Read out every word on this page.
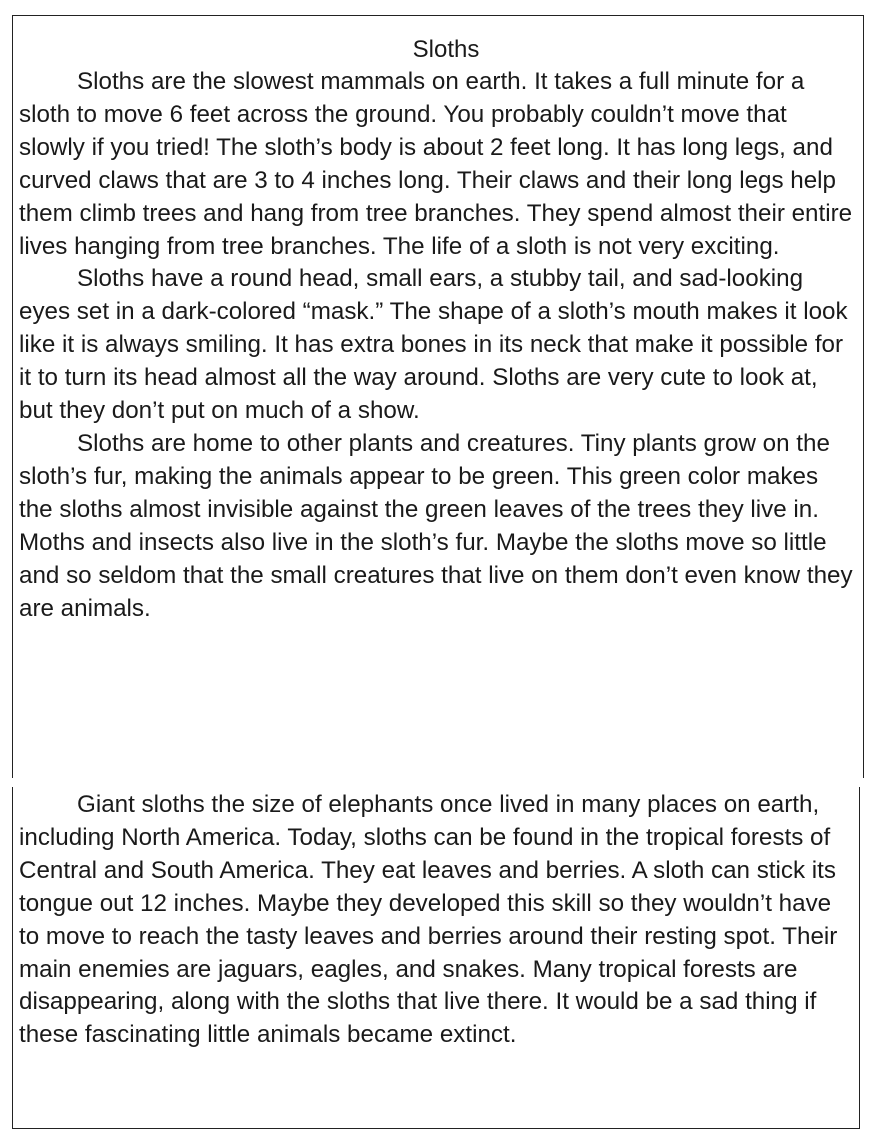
Sloths

Sloths are the slowest mammals on earth. It takes a full minute for a sloth to move 6 feet across the ground. You probably couldn’t move that slowly if you tried! The sloth’s body is about 2 feet long. It has long legs, and curved claws that are 3 to 4 inches long. Their claws and their long legs help them climb trees and hang from tree branches. They spend almost their entire lives hanging from tree branches. The life of a sloth is not very exciting.

Sloths have a round head, small ears, a stubby tail, and sad-looking eyes set in a dark-colored “mask.” The shape of a sloth’s mouth makes it look like it is always smiling. It has extra bones in its neck that make it possible for it to turn its head almost all the way around. Sloths are very cute to look at, but they don’t put on much of a show.

Sloths are home to other plants and creatures. Tiny plants grow on the sloth’s fur, making the animals appear to be green. This green color makes the sloths almost invisible against the green leaves of the trees they live in. Moths and insects also live in the sloth’s fur. Maybe the sloths move so little and so seldom that the small creatures that live on them don’t even know they are animals.

Giant sloths the size of elephants once lived in many places on earth, including North America. Today, sloths can be found in the tropical forests of Central and South America. They eat leaves and berries. A sloth can stick its tongue out 12 inches. Maybe they developed this skill so they wouldn’t have to move to reach the tasty leaves and berries around their resting spot. Their main enemies are jaguars, eagles, and snakes. Many tropical forests are disappearing, along with the sloths that live there. It would be a sad thing if these fascinating little animals became extinct.
